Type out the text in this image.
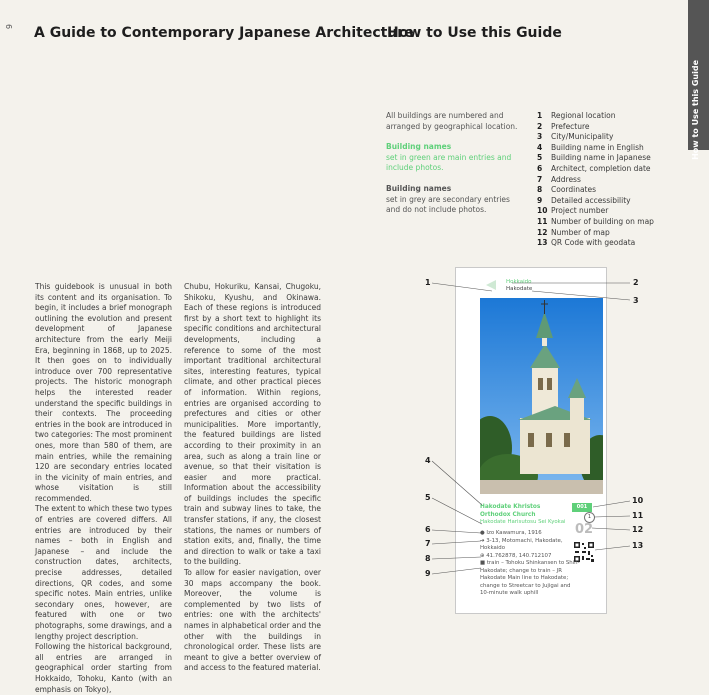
6
How to Use this Guide
A Guide to Contemporary Japanese Architecture

This guidebook is unusual in both its content and its organisation. To begin, it includes a brief monograph outlining the evolution and present development of Japanese architecture from the early Meiji Era, beginning in 1868, up to 2025. It then goes on to individually introduce over 700 representative projects. The historic monograph helps the interested reader understand the specific buildings in their contexts. The proceeding entries in the book are introduced in two categories: The most prominent ones, more than 580 of them, are main entries, while the remaining 120 are secondary entries located in the vicinity of main entries, and whose visitation is still recommended.

The extent to which these two types of entries are covered differs. All entries are introduced by their names – both in English and Japanese – and include the construction dates, architects, precise addresses, detailed directions, QR codes, and some specific notes. Main entries, unlike secondary ones, however, are featured with one or two photographs, some drawings, and a lengthy project description.

Following the historical background, all entries are arranged in geographical order starting from Hokkaido, Tohoku, Kanto (with an emphasis on Tokyo),

Chubu, Hokuriku, Kansai, Chugoku, Shikoku, Kyushu, and Okinawa. Each of these regions is introduced first by a short text to highlight its specific conditions and architectural developments, including a reference to some of the most important traditional architectural sites, interesting features, typical climate, and other practical pieces of information. Within regions, entries are organised according to prefectures and cities or other municipalities. More importantly, the featured buildings are listed according to their proximity in an area, such as along a train line or avenue, so that their visitation is easier and more practical. Information about the accessibility of buildings includes the specific train and subway lines to take, the transfer stations, if any, the closest stations, the names or numbers of station exits, and, finally, the time and direction to walk or take a taxi to the building.

To allow for easier navigation, over 30 maps accompany the book. Moreover, the volume is complemented by two lists of entries: one with the architects' names in alphabetical order and the other with the buildings in chronological order. These lists are meant to give a better overview of and access to the featured material.

How to Use this Guide
All buildings are numbered and arranged by geographical location.
Building names
set in green are main entries and include photos.
Building names
set in grey are secondary entries and do not include photos.
1	Regional location
2	Prefecture
3	City/Municipality
4	Building name in English
5	Building name in Japanese
6	Architect, completion date
7	Address
8	Coordinates
9	Detailed accessibility
10 Project number
11 Number of building on map
12 Number of map
13 QR Code with geodata
Hokkaido
Hakodate
Hakodate Khristos Orthodox Church
Hakodate Harisutosu Sei Kyokai
001
1
02
● Izo Kawamura, 1916
➔ 3-13, Motomachi, Hakodate, Hokkaido
⊕ 41.762878, 140.712107
■ train – Tohoku Shinkansen to Shin-Hakodate; change to train – JR Hakodate Main line to Hakodate; change to Streetcar to Jujigai and 10-minute walk uphill
1	2
3
4
5
6
7
8
9
10
11
12
13
